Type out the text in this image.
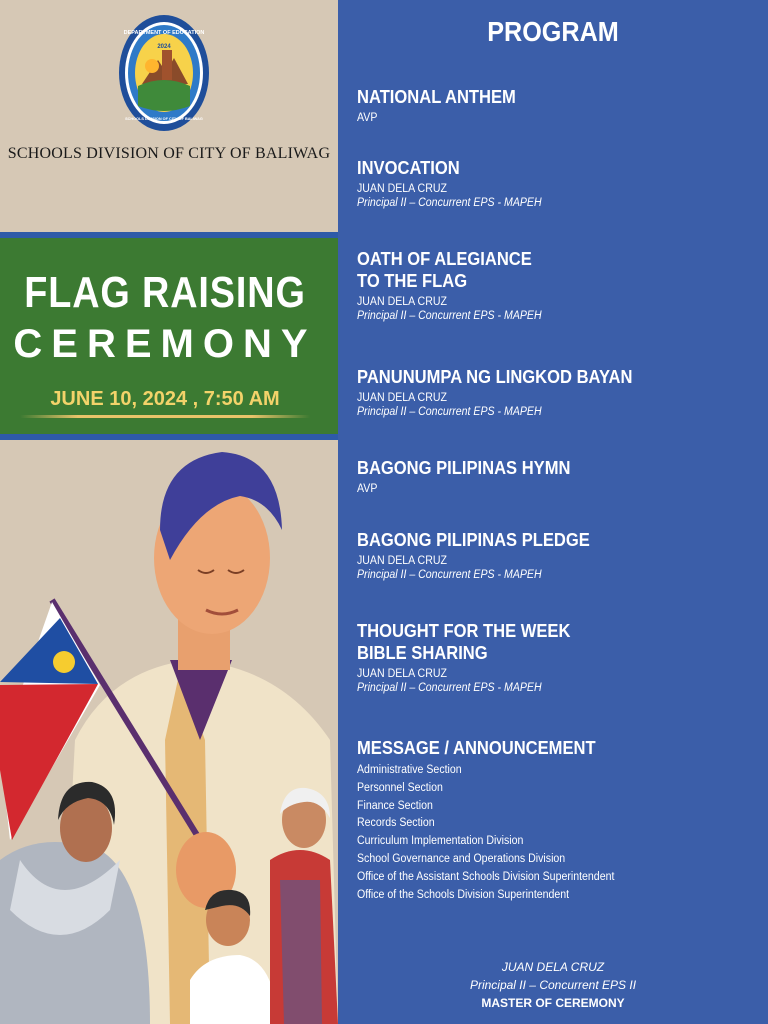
DEPARTMENT OF EDUCATION
2024
SCHOOLS DIVISION OF CITY OF BALIWAG
SCHOOLS DIVISION OF CITY OF BALIWAG
FLAG RAISING
CEREMONY
JUNE 10, 2024 , 7:50 AM
PROGRAM
NATIONAL ANTHEM
AVP
INVOCATION
JUAN DELA CRUZ
Principal II – Concurrent EPS - MAPEH
OATH OF ALEGIANCE
TO THE FLAG
JUAN DELA CRUZ
Principal II – Concurrent EPS - MAPEH
PANUNUMPA NG LINGKOD BAYAN
JUAN DELA CRUZ
Principal II – Concurrent EPS - MAPEH
BAGONG PILIPINAS HYMN
AVP
BAGONG PILIPINAS PLEDGE
JUAN DELA CRUZ
Principal II – Concurrent EPS - MAPEH
THOUGHT FOR THE WEEK
BIBLE SHARING
JUAN DELA CRUZ
Principal II – Concurrent EPS - MAPEH
MESSAGE / ANNOUNCEMENT
Administrative Section
Personnel Section
Finance Section
Records Section
Curriculum Implementation Division
School Governance and Operations Division
Office of the Assistant Schools Division Superintendent
Office of the Schools Division Superintendent
JUAN DELA CRUZ
Principal II – Concurrent EPS II
MASTER OF CEREMONY
